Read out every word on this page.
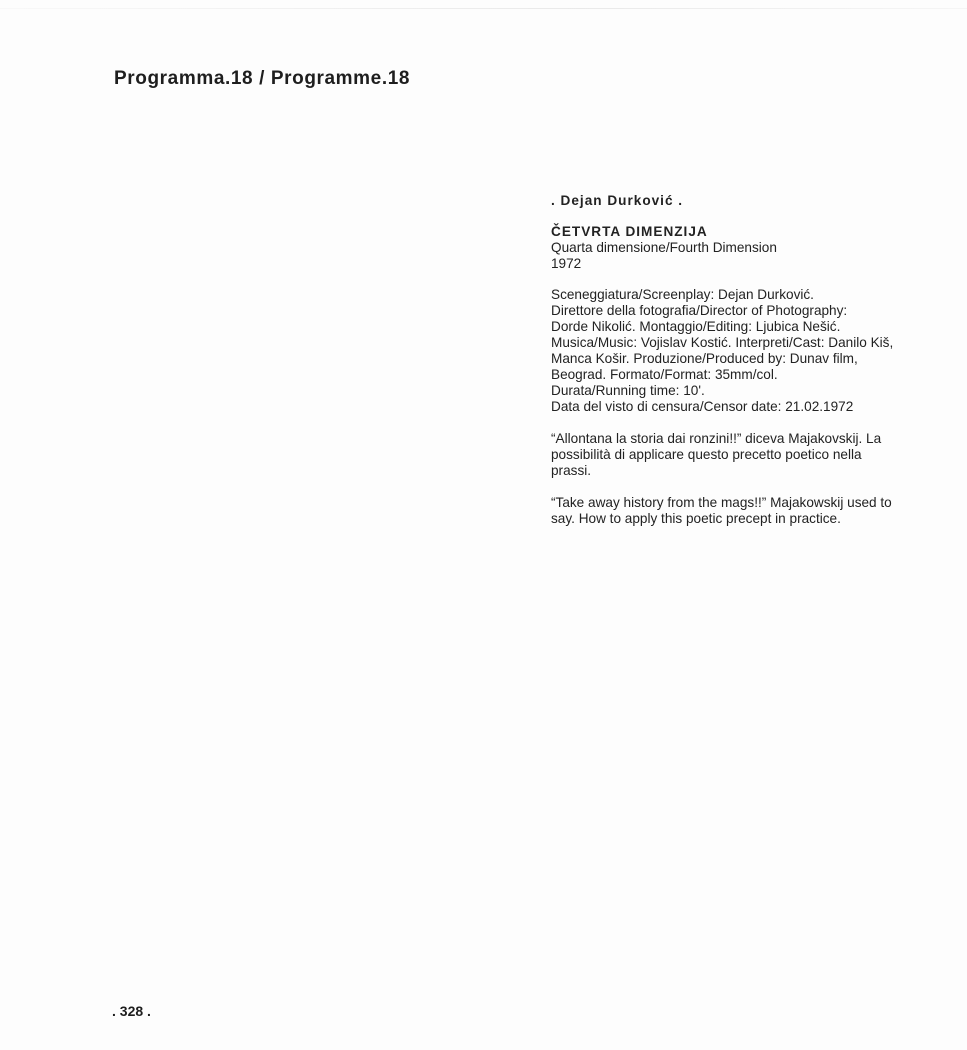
Programma.18 / Programme.18
. Dejan Durković .
ČETVRTA DIMENZIJA
Quarta dimensione/Fourth Dimension
1972
Sceneggiatura/Screenplay: Dejan Durković.
Direttore della fotografia/Director of Photography:
Dorde Nikolić. Montaggio/Editing: Ljubica Nešić.
Musica/Music: Vojislav Kostić. Interpreti/Cast: Danilo Kiš,
Manca Košir. Produzione/Produced by: Dunav film,
Beograd. Formato/Format: 35mm/col.
Durata/Running time: 10'.
Data del visto di censura/Censor date: 21.02.1972
“Allontana la storia dai ronzini!!” diceva Majakovskij. La
possibilità di applicare questo precetto poetico nella
prassi.
“Take away history from the mags!!” Majakowskij used to
say. How to apply this poetic precept in practice.
. 328 .
